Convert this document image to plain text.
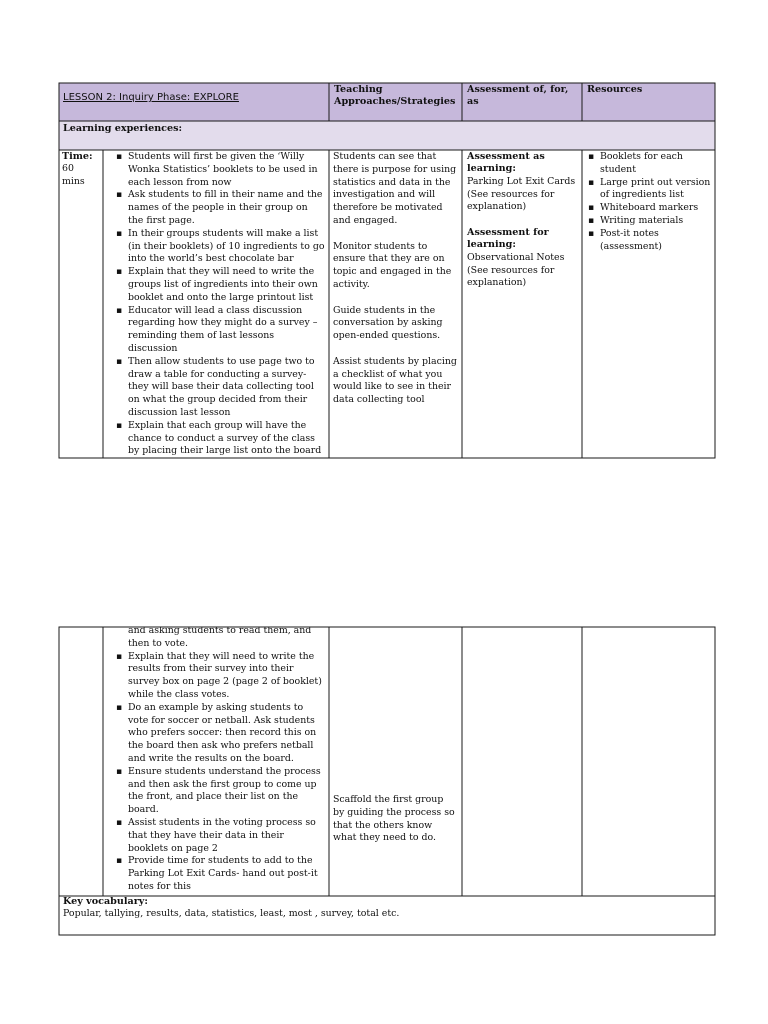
LESSON 2: Inquiry Phase: EXPLORE
Teaching Approaches/Strategies
Assessment of, for, as
Resources
Learning experiences:
Time:
60 mins
▪ Students will first be given the ‘Willy Wonka Statistics’ booklets to be used in each lesson from now
▪ Ask students to fill in their name and the names of the people in their group on the first page.
▪ In their groups students will make a list (in their booklets) of 10 ingredients to go into the world’s best chocolate bar
▪ Explain that they will need to write the groups list of ingredients into their own booklet and onto the large printout list
▪ Educator will lead a class discussion regarding how they might do a survey – reminding them of last lessons discussion
▪ Then allow students to use page two to draw a table for conducting a survey- they will base their data collecting tool on what the group decided from their discussion last lesson
▪ Explain that each group will have the chance to conduct a survey of the class by placing their large list onto the board
Students can see that there is purpose for using statistics and data in the investigation and will therefore be motivated and engaged.
Monitor students to ensure that they are on topic and engaged in the activity.
Guide students in the conversation by asking open-ended questions.
Assist students by placing a checklist of what you would like to see in their data collecting tool
Assessment as learning:
Parking Lot Exit Cards (See resources for explanation)
Assessment for learning:
Observational Notes (See resources for explanation)
▪ Booklets for each student
▪ Large print out version of ingredients list
▪ Whiteboard markers
▪ Writing materials
▪ Post-it notes (assessment)
and asking students to read them, and then to vote.
▪ Explain that they will need to write the results from their survey into their survey box on page 2 (page 2 of booklet) while the class votes.
▪ Do an example by asking students to vote for soccer or netball. Ask students who prefers soccer: then record this on the board then ask who prefers netball and write the results on the board.
▪ Ensure students understand the process and then ask the first group to come up the front, and place their list on the board.
▪ Assist students in the voting process so that they have their data in their booklets on page 2
▪ Provide time for students to add to the Parking Lot Exit Cards- hand out post-it notes for this
Scaffold the first group by guiding the process so that the others know what they need to do.
Key vocabulary:
Popular, tallying, results, data, statistics, least, most , survey, total etc.
